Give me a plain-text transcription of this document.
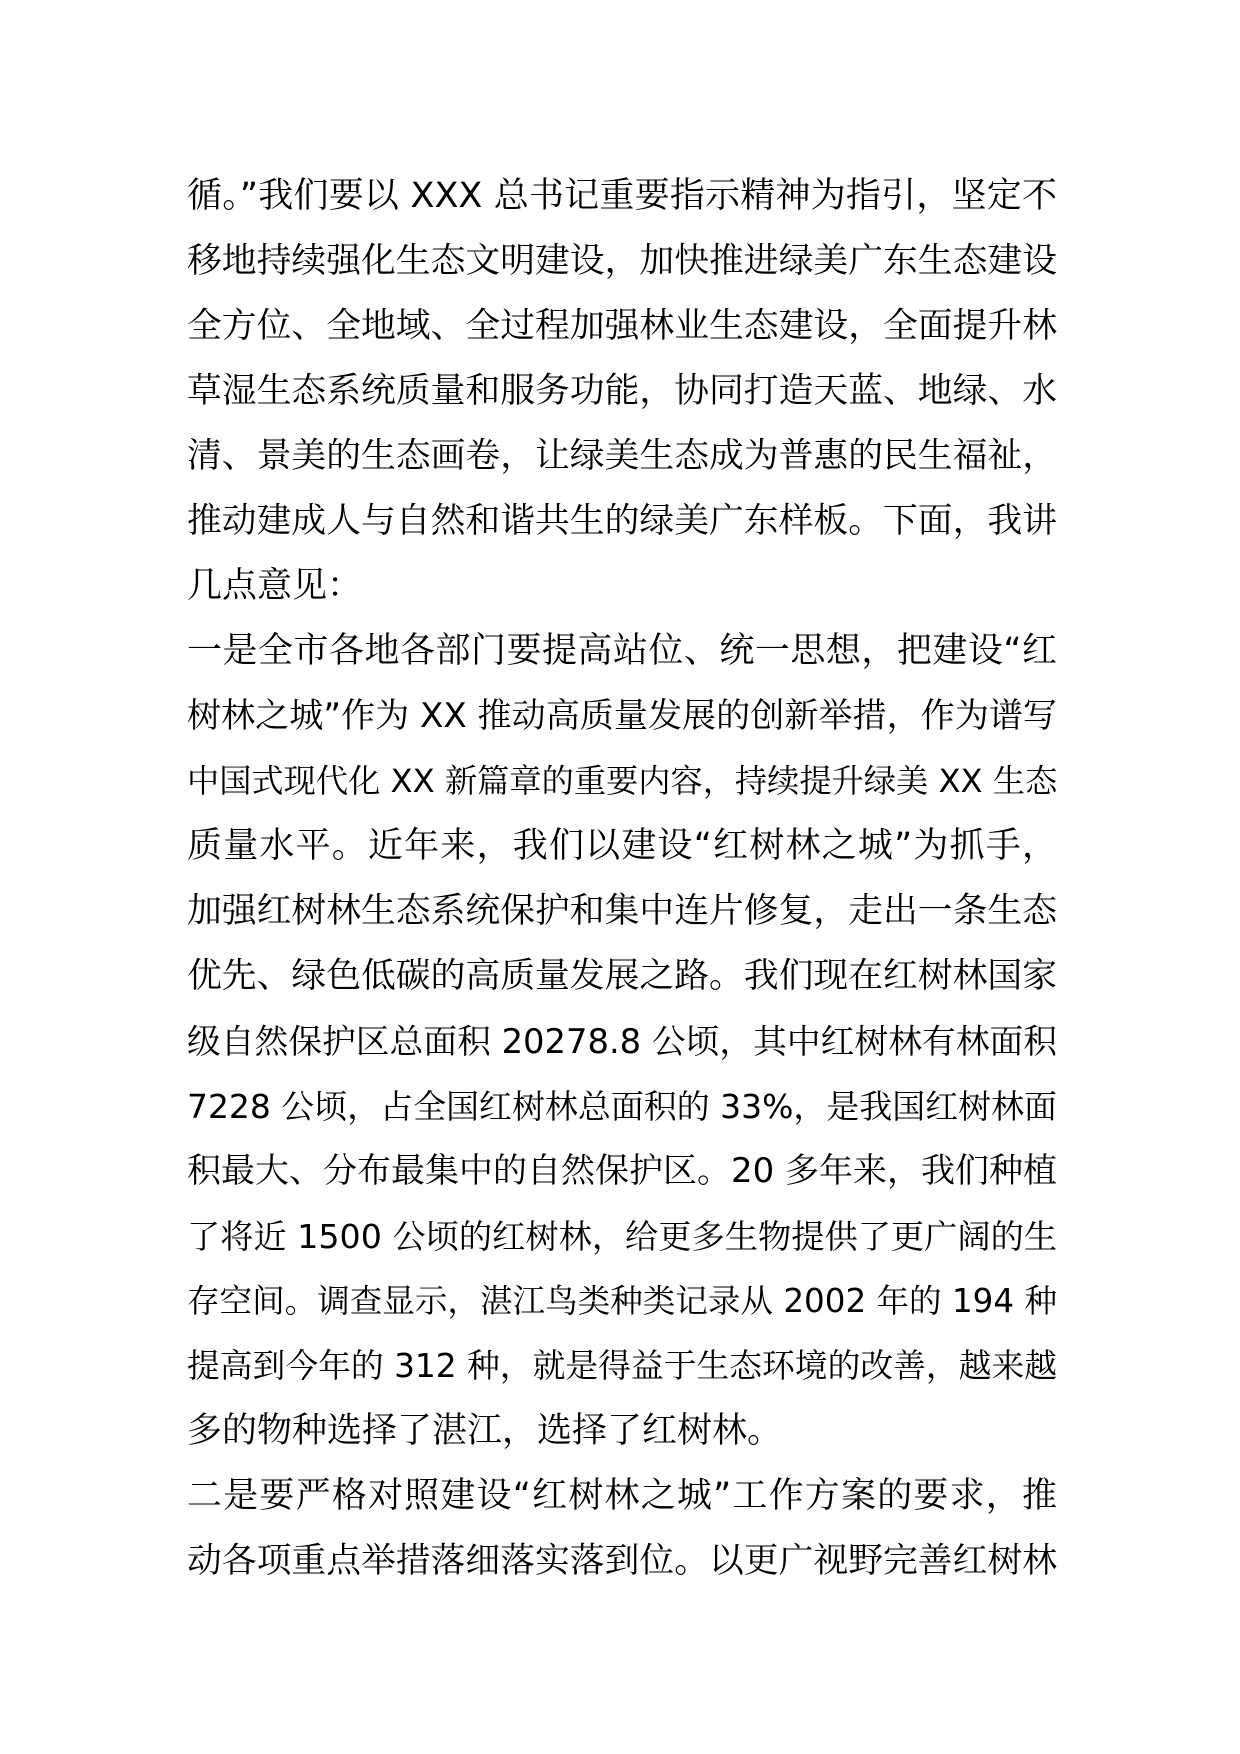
循。”我们要以 XXX 总书记重要指示精神为指引，坚定不
移地持续强化生态文明建设，加快推进绿美广东生态建设
全方位、全地域、全过程加强林业生态建设，全面提升林
草湿生态系统质量和服务功能，协同打造天蓝、地绿、水
清、景美的生态画卷，让绿美生态成为普惠的民生福祉，
推动建成人与自然和谐共生的绿美广东样板。下面，我讲
几点意见：
一是全市各地各部门要提高站位、统一思想，把建设“红
树林之城”作为 XX 推动高质量发展的创新举措，作为谱写
中国式现代化 XX 新篇章的重要内容，持续提升绿美 XX 生态
质量水平。近年来，我们以建设“红树林之城”为抓手，
加强红树林生态系统保护和集中连片修复，走出一条生态
优先、绿色低碳的高质量发展之路。我们现在红树林国家
级自然保护区总面积 20278.8 公顷，其中红树林有林面积
7228 公顷，占全国红树林总面积的 33%，是我国红树林面
积最大、分布最集中的自然保护区。20 多年来，我们种植
了将近 1500 公顷的红树林，给更多生物提供了更广阔的生
存空间。调查显示，湛江鸟类种类记录从 2002 年的 194 种
提高到今年的 312 种，就是得益于生态环境的改善，越来越
多的物种选择了湛江，选择了红树林。
二是要严格对照建设“红树林之城”工作方案的要求，推
动各项重点举措落细落实落到位。以更广视野完善红树林
